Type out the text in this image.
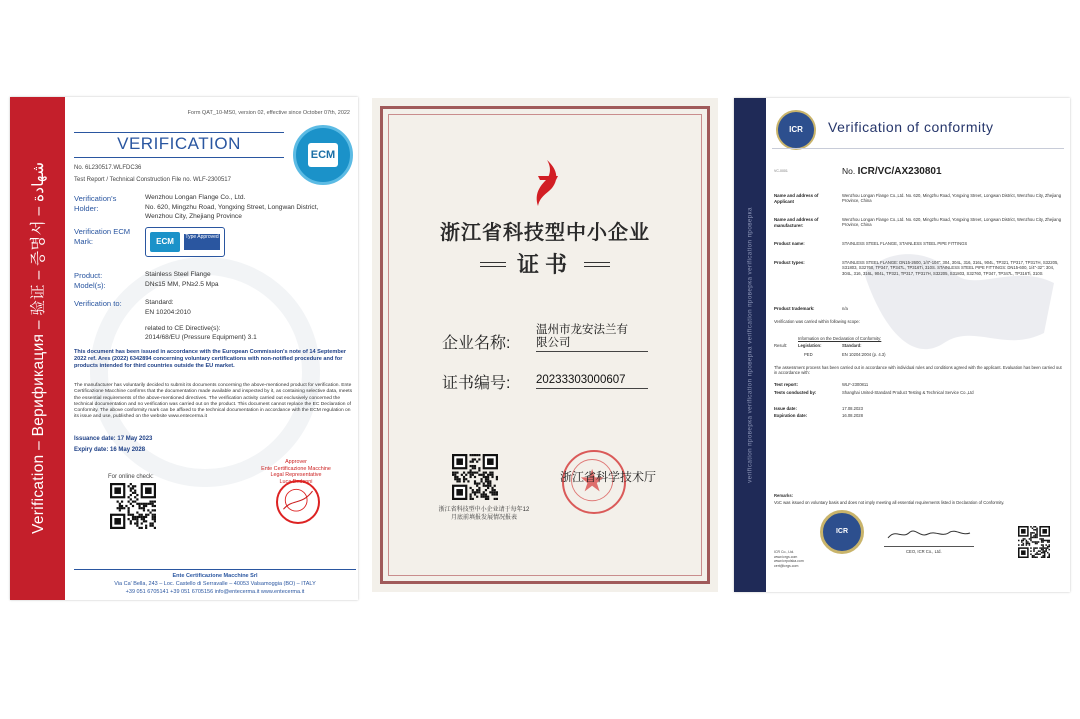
Verification – Верификация – 验证 – 증명서 – شهادة
Form QAT_10-MS0, version 02, effective since October 07th, 2022
VERIFICATION
ECM
No. 6L230517.WLFDC36
Test Report / Technical Construction File no. WLF-2300517
Verification's Holder:
Wenzhou Longan Flange Co., Ltd.
No. 620, Mingzhu Road, Yongxing Street, Longwan District, Wenzhou City, Zhejiang Province
Verification ECM Mark:	ECM	Type Approved
Product: Model(s):
Stainless Steel Flange
DN≤15 MM, PN≥2.5 Mpa
Verification to:	Standard:
EN 10204:2010
related to CE Directive(s):
2014/68/EU (Pressure Equipment) 3.1
This document has been issued in accordance with the European Commission's note of 14 September 2022 ref. Ares (2022) 6342894 concerning voluntary certifications with non-notified procedure and for products intended for third countries outside the EU market.
The manufacturer has voluntarily decided to submit its documents concerning the above-mentioned product for verification. Ente Certificazione Macchine confirms that the documentation made available and inspected by it, as containing selective data, meets the essential requirements of the above-mentioned directives. The verification activity carried out exclusively concerned the technical documentation and no verification was carried out on the product. This document cannot replace the EC Declaration of Conformity. The above conformity mark can be affixed to the technical documentation in accordance with the ECM regulation on its issue and use, published on the website www.entecerma.it
Issuance date: 17 May 2023
Expiry date: 16 May 2028
For online check:
Approver
Ente Certificazione Macchine
Legal Representative
Luca Bedonni
Ente Certificazione Macchine Srl
Via Ca' Bella, 243 – Loc. Castello di Serravalle – 40053 Valsamoggia (BO) – ITALY
+39 051 6705141 +39 051 6705156 info@entecerma.it www.entecerma.it
浙江省科技型中小企业
证书
企业名称:
温州市龙安法兰有
限公司
证书编号: 20233303000607
浙江省科技型中小企业请于每年12月底前填报发展情况报表
浙江省科学技术厅	verification проверка verification проверка verification проверка verification проверка
ICR	Verification of conformity
VC-0001	No. ICR/VC/AX230801
Name and address of Applicant
Wenzhou Longan Flange Co.,Ltd. No. 620, Mingzhu Road, Yongxing Street, Longwan District, Wenzhou City, Zhejiang Province, China
Name and address of manufacturer:
Wenzhou Longan Flange Co.,Ltd. No. 620, Mingzhu Road, Yongxing Street, Longwan District, Wenzhou City, Zhejiang Province, China
Product name:	STAINLESS STEEL FLANGE, STAINLESS STEEL PIPE FITTINGS
Product types:	STAINLESS STEEL FLANGE: DN15-2600, 1/4"-104": 304, 304L, 316, 316L, 904L, TP321, TP317, TP317H, S32205, S31803, S32760, TP347, TP347L, TP316Ti, 310S. STAINLESS STEEL PIPE FITTINGS: DN15-600, 1/4"-32": 304, 304L, 316, 316L, 904L, TP321, TP317, TP317H, S32205, S31803, S32760, TP347, TP347L, TP316Ti, 310S
Product trademark:	n/a
Verification was carried within following scope:
Information on the Declaration of Conformity:
Result:	Legislation:	Standard:
PED	EN 10204:2004 (p. 4.3)
The assessment process has been carried out in accordance with individual rules and conditions agreed with the applicant. Evaluation has been carried out in accordance with:
Test report:	WLF-2300811
Tests conducted by:	Shanghai United-Standard Product Testing & Technical Service Co.,Ltd
Issue date:	17.08.2023
Expiration date:	16.08.2028
Remarks:
VoC was issued on voluntary basis and does not imply meeting all essential requirements listed in Declaration of Conformity.
ICR
CEO, ICR Co., Ltd.
ICR Co., Ltd.
www.icrgs.com
www.icrpolska.com
cert@icrgs.com
